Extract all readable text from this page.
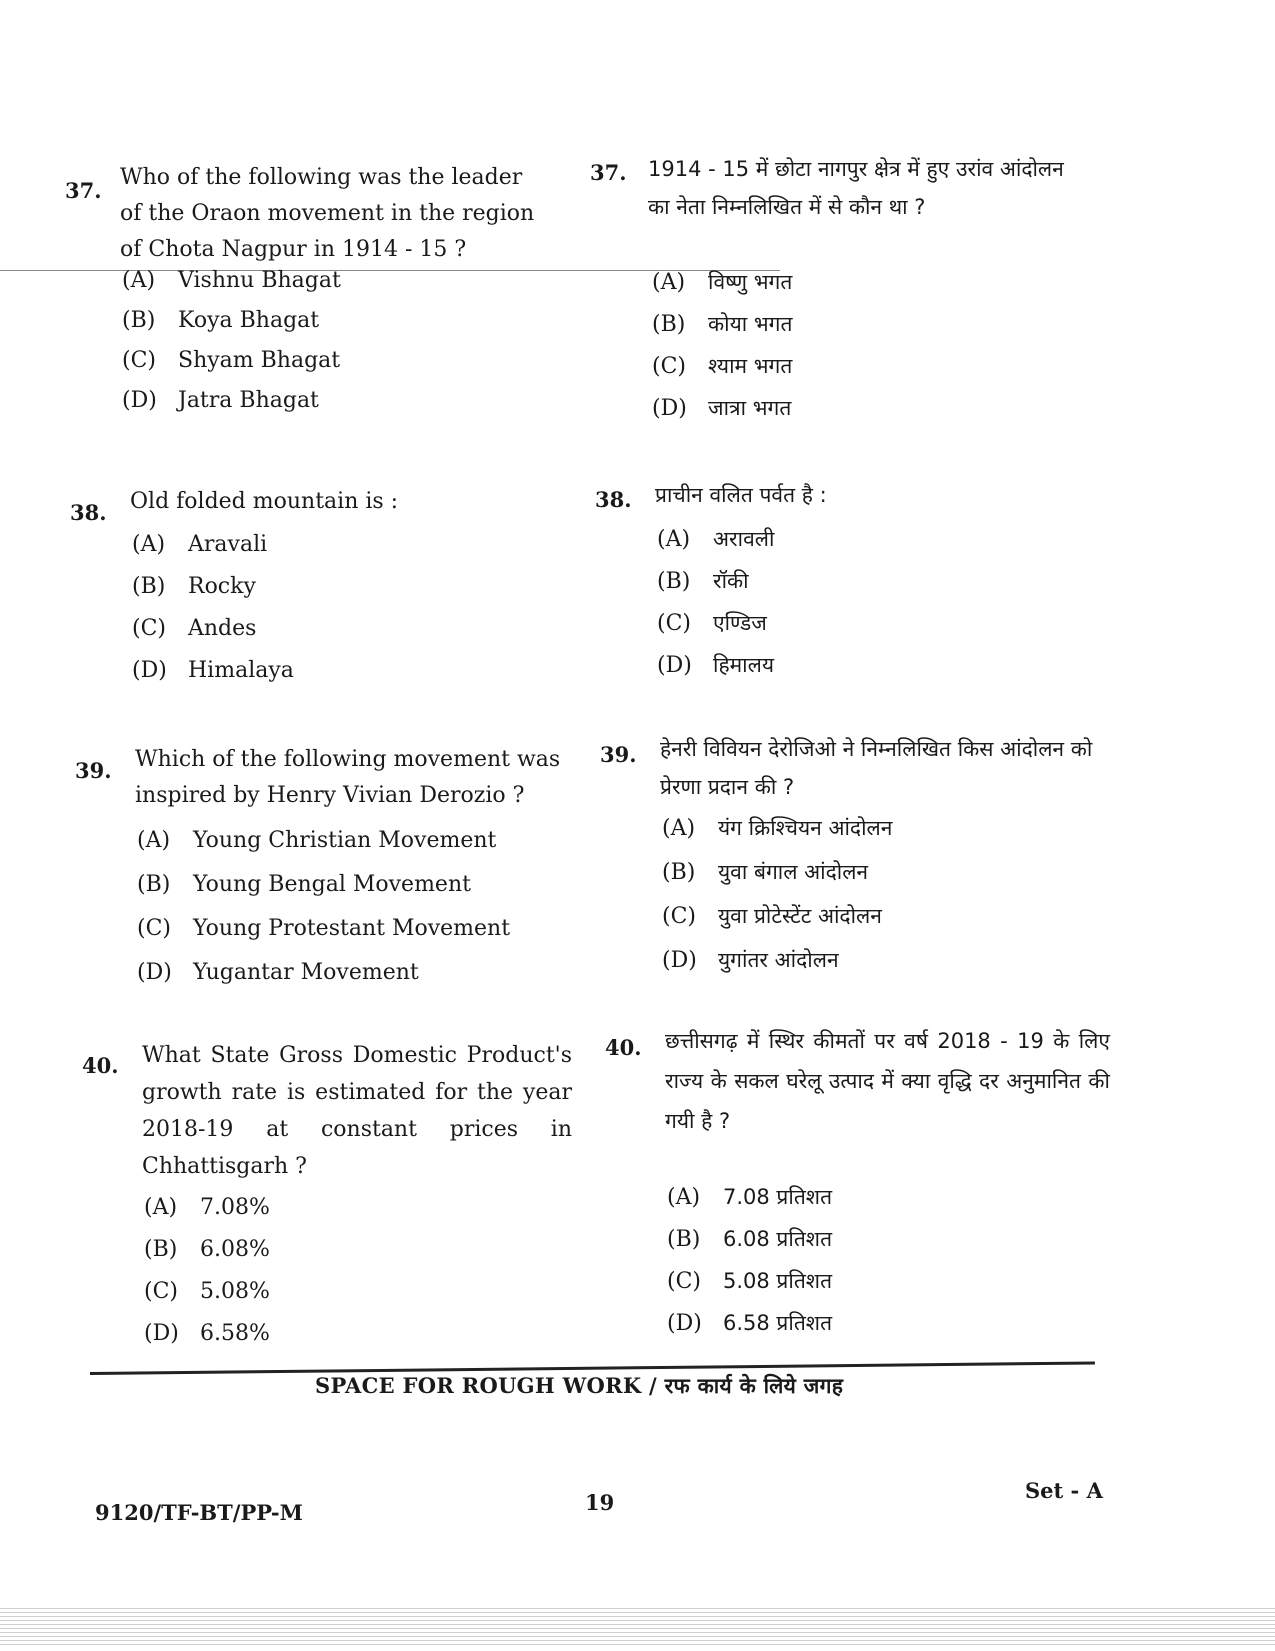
37.
Who of the following was the leader of the Oraon movement in the region of Chota Nagpur in 1914 - 15 ?
(A) Vishnu Bhagat
(B) Koya Bhagat
(C) Shyam Bhagat
(D) Jatra Bhagat
38. Old folded mountain is :
(A) Aravali
(B) Rocky
(C) Andes
(D) Himalaya
39. Which of the following movement was inspired by Henry Vivian Derozio ?
(A) Young Christian Movement
(B) Young Bengal Movement
(C) Young Protestant Movement
(D) Yugantar Movement
40. What State Gross Domestic Product's growth rate is estimated for the year 2018-19 at constant prices in Chhattisgarh ?
(A) 7.08%
(B) 6.08%
(C) 5.08%
(D) 6.58%
37. 1914 - 15 में छोटा नागपुर क्षेत्र में हुए उरांव आंदोलन का नेता निम्नलिखित में से कौन था ?
(A) विष्णु भगत
(B) कोया भगत
(C) श्याम भगत
(D) जात्रा भगत
38. प्राचीन वलित पर्वत है :
(A) अरावली
(B) रॉकी
(C) एण्डिज
(D) हिमालय
39. हेनरी विवियन देरोजिओ ने निम्नलिखित किस आंदोलन को प्रेरणा प्रदान की ?
(A) यंग क्रिश्चियन आंदोलन
(B) युवा बंगाल आंदोलन
(C) युवा प्रोटेस्टेंट आंदोलन
(D) युगांतर आंदोलन
40. छत्तीसगढ़ में स्थिर कीमतों पर वर्ष 2018 - 19 के लिए राज्य के सकल घरेलू उत्पाद में क्या वृद्धि दर अनुमानित की गयी है ?
(A) 7.08 प्रतिशत
(B) 6.08 प्रतिशत
(C) 5.08 प्रतिशत
(D) 6.58 प्रतिशत
SPACE FOR ROUGH WORK / रफ कार्य के लिये जगह
9120/TF-BT/PP-M	19	Set - A
